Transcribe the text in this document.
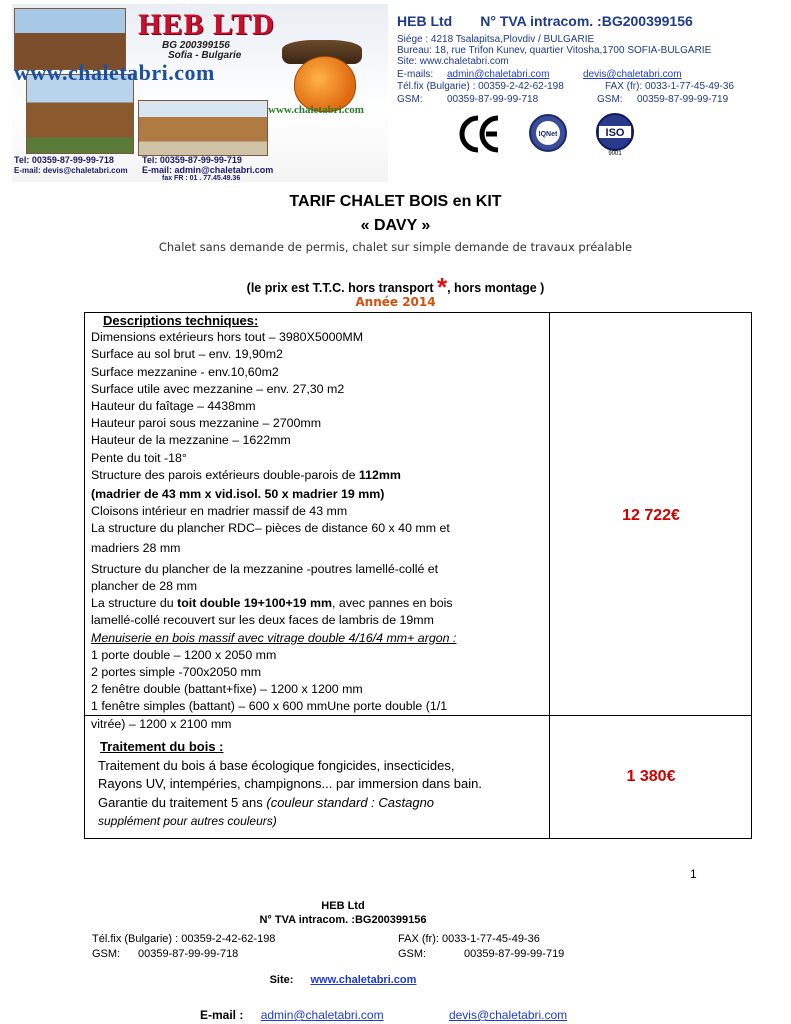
HEB LTD
BG 200399156
Sofia - Bulgarie
www.chaletabri.com
www.chaletabri.com
Tel: 00359-87-99-99-718	Tel: 00359-87-99-99-719
E-mail: devis@chaletabri.com E-mail: admin@chaletabri.com
fax FR : 01 . 77.45.49.36
HEB Ltd N° TVA intracom. :BG200399156
Siége : 4218 Tsalapitsa,Plovdiv / BULGARIE
Bureau: 18, rue Trifon Kunev, quartier Vitosha,1700 SOFIA-BULGARIE
Site: www.chaletabri.com
E-mails: admin@chaletabri.com	devis@chaletabri.com
Tél.fix (Bulgarie) : 00359-2-42-62-198	FAX (fr): 0033-1-77-45-49-36
GSM: 00359-87-99-99-718	GSM: 00359-87-99-99-719
IQNet	ISO
9001
TARIF CHALET BOIS en KIT
« DAVY »
Chalet sans demande de permis, chalet sur simple demande de travaux préalable
(le prix est T.T.C. hors transport *, hors montage )
Année 2014
Descriptions techniques:
Dimensions extérieurs hors tout – 3980X5000MM
Surface au sol brut – env. 19,90m2
Surface mezzanine - env.10,60m2
Surface utile avec mezzanine – env. 27,30 m2
Hauteur du faîtage – 4438mm
Hauteur paroi sous mezzanine – 2700mm
Hauteur de la mezzanine – 1622mm
Pente du toit -18°
Structure des parois extérieurs double-parois de 112mm
(madrier de 43 mm x vid.isol. 50 x madrier 19 mm)
Cloisons intérieur en madrier massif de 43 mm
La structure du plancher RDC– pièces de distance 60 x 40 mm et
madriers 28 mm
Structure du plancher de la mezzanine -poutres lamellé-collé et
plancher de 28 mm
La structure du toit double 19+100+19 mm, avec pannes en bois
lamellé-collé recouvert sur les deux faces de lambris de 19mm
Menuiserie en bois massif avec vitrage double 4/16/4 mm+ argon :
1 porte double – 1200 x 2050 mm
2 portes simple -700x2050 mm
2 fenêtre double (battant+fixe) – 1200 x 1200 mm
1 fenêtre simples (battant) – 600 x 600 mmUne porte double (1/1
vitrée) – 1200 x 2100 mm
12 722€
Traitement du bois :
Traitement du bois á base écologique fongicides, insecticides,
Rayons UV, intempéries, champignons... par immersion dans bain.
Garantie du traitement 5 ans (couleur standard : Castagno
supplément pour autres couleurs)
1 380€
1
HEB Ltd
N° TVA intracom. :BG200399156
Tél.fix (Bulgarie) : 00359-2-42-62-198	FAX (fr): 0033-1-77-45-49-36
GSM: 00359-87-99-99-718	GSM:	00359-87-99-99-719
Site: www.chaletabri.com
E-mail : admin@chaletabri.com	devis@chaletabri.com
